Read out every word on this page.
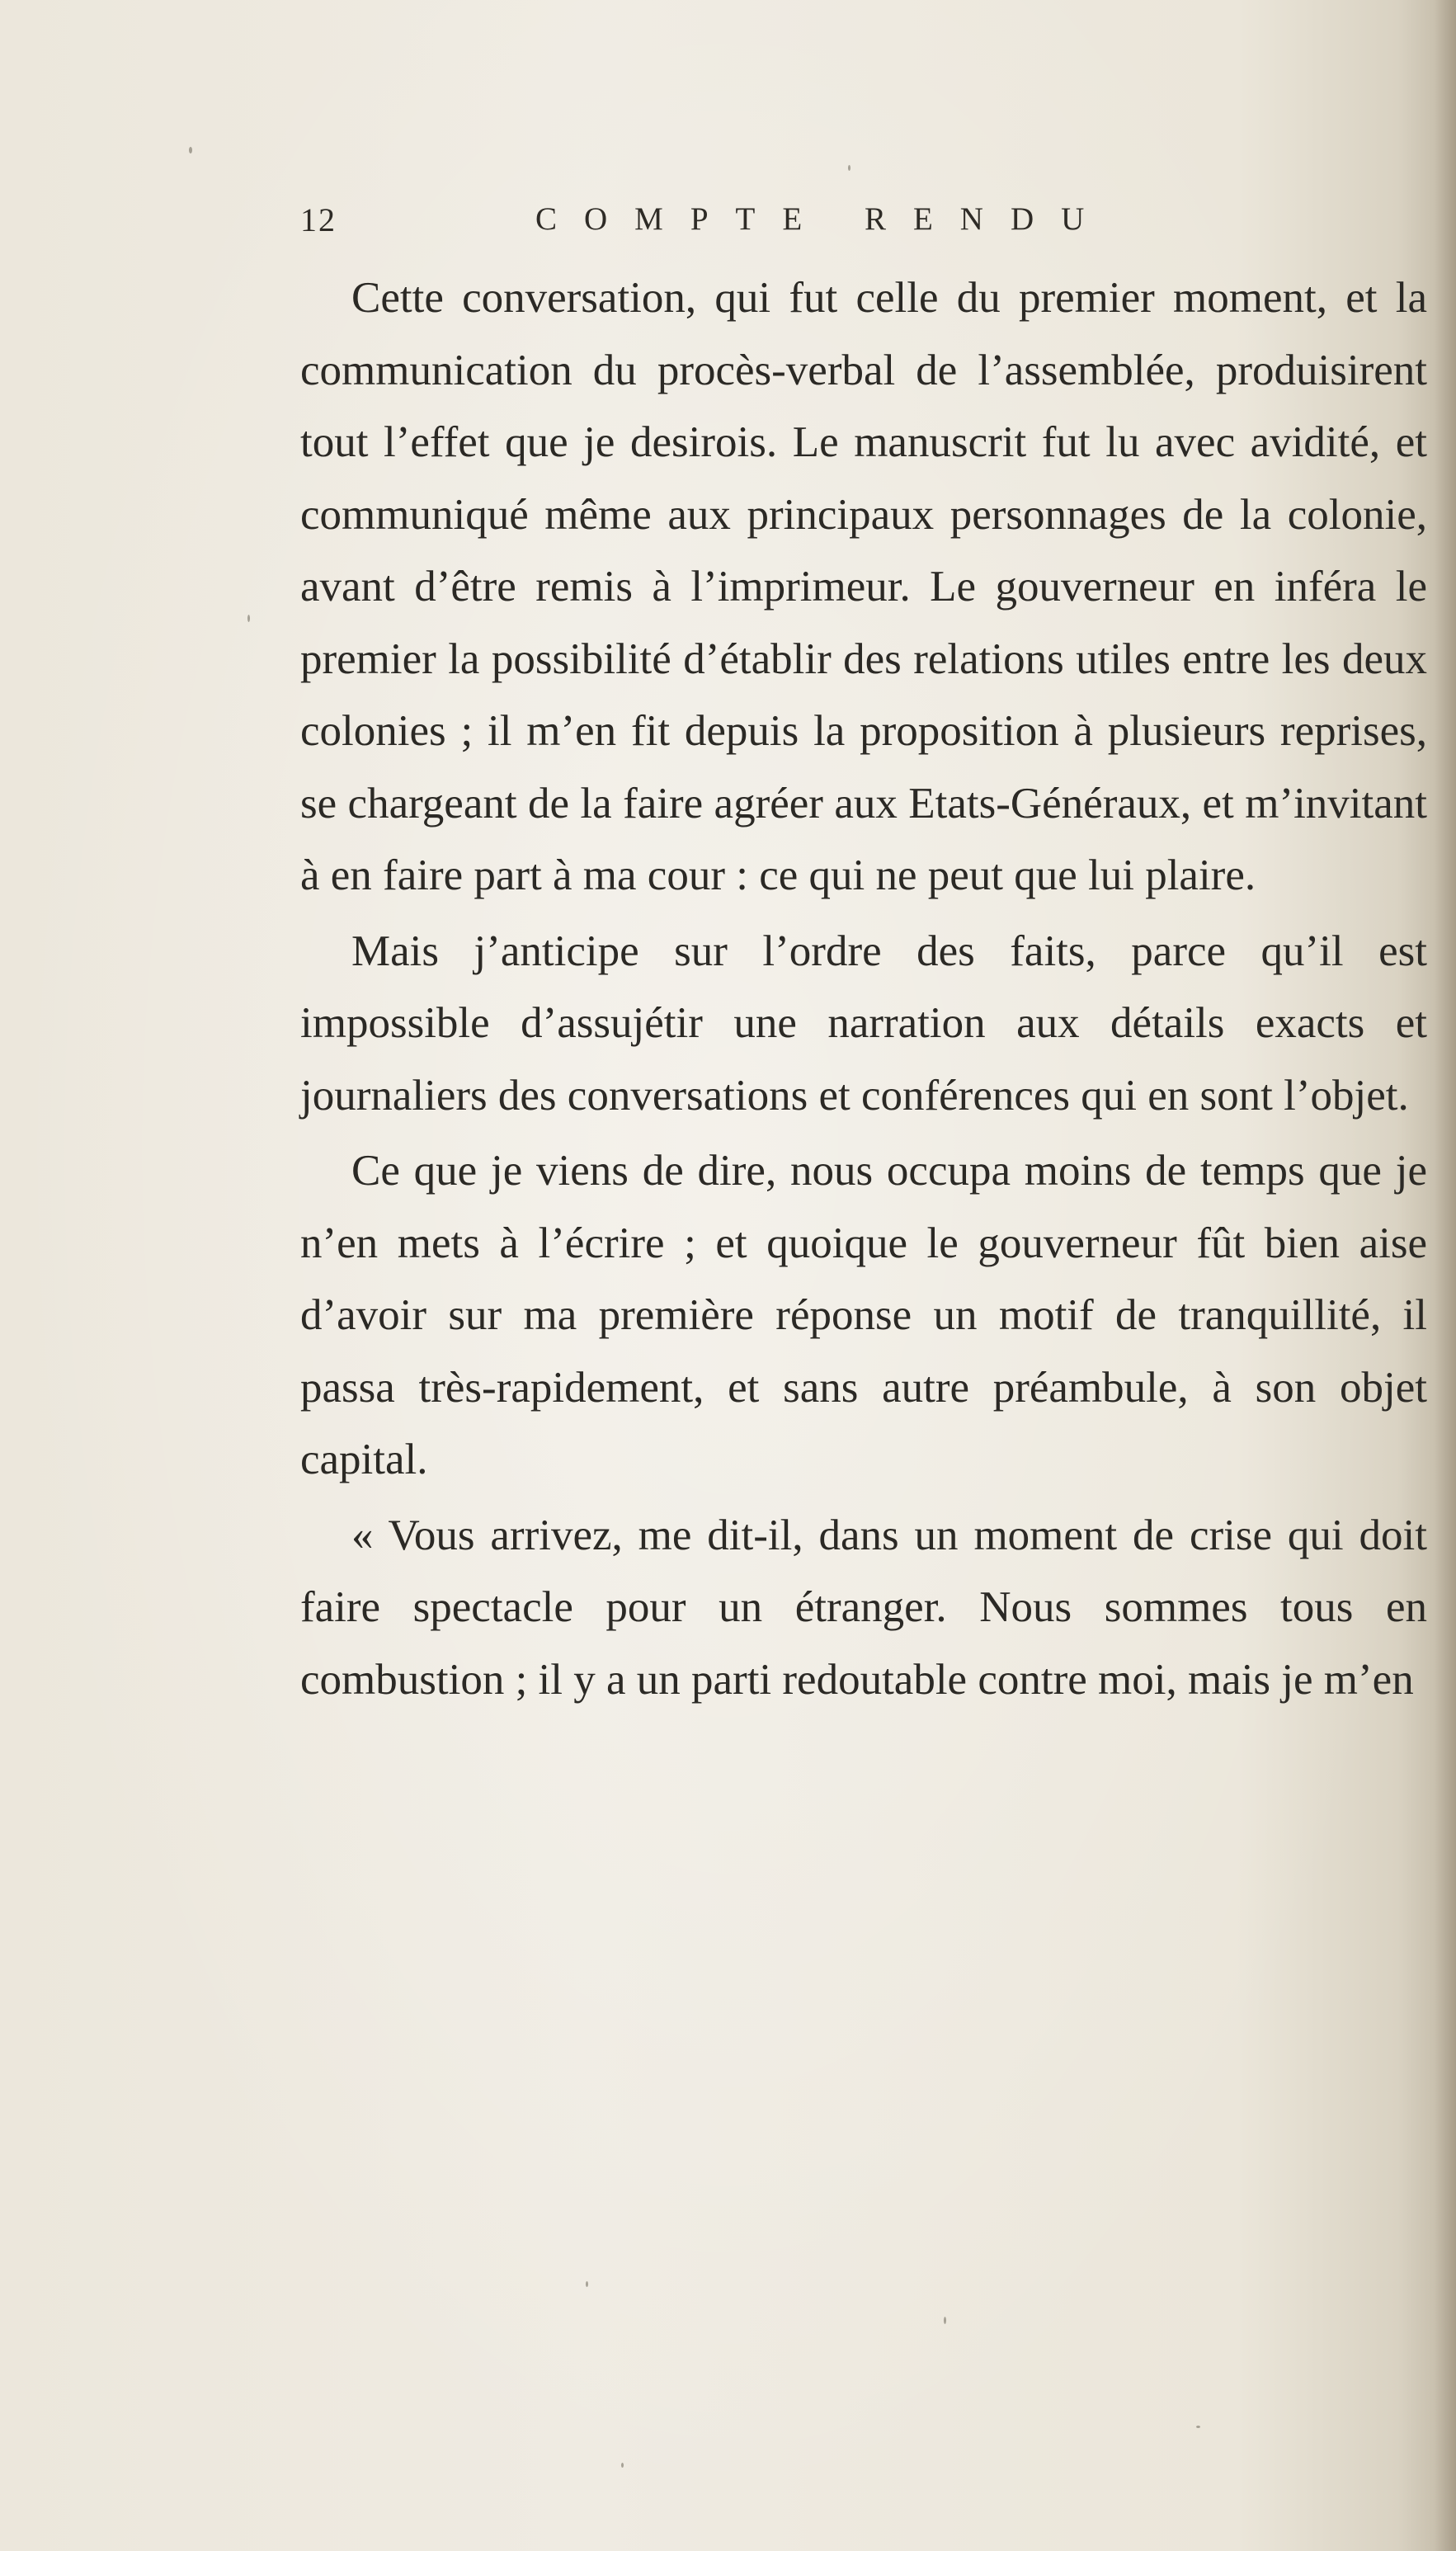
12	COMPTE RENDU

Cette conversation, qui fut celle du premier moment, et la communication du procès-verbal de l’assemblée, produisirent tout l’effet que je desirois. Le manuscrit fut lu avec avidité, et communiqué même aux principaux personnages de la colonie, avant d’être remis à l’imprimeur. Le gouverneur en inféra le premier la possibilité d’établir des relations utiles entre les deux colonies ; il m’en fit depuis la proposition à plusieurs reprises, se chargeant de la faire agréer aux Etats-Généraux, et m’invitant à en faire part à ma cour : ce qui ne peut que lui plaire.

Mais j’anticipe sur l’ordre des faits, parce qu’il est impossible d’assujétir une narration aux détails exacts et journaliers des conversations et conférences qui en sont l’objet.

Ce que je viens de dire, nous occupa moins de temps que je n’en mets à l’écrire ; et quoique le gouverneur fût bien aise d’avoir sur ma première réponse un motif de tranquillité, il passa très-rapidement, et sans autre préambule, à son objet capital.

« Vous arrivez, me dit-il, dans un moment de crise qui doit faire spectacle pour un étranger. Nous sommes tous en combustion ; il y a un parti redoutable contre moi, mais je m’en
